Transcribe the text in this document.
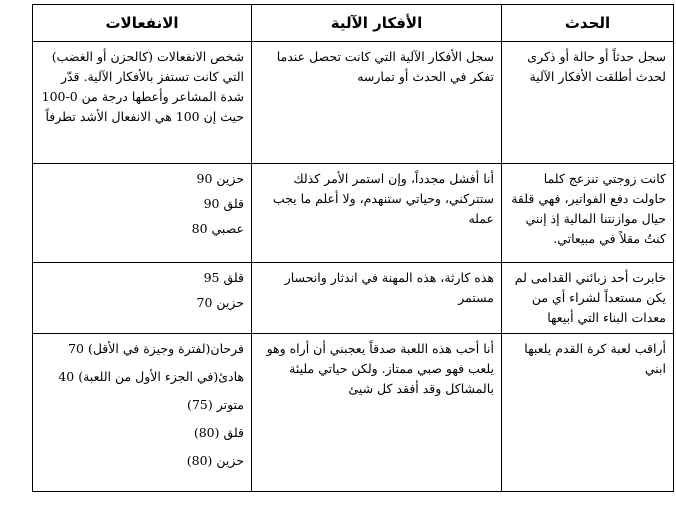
الحدث	الأفكار الآلية	الانفعالات
سجل حدثاً أو حالة أو ذكرى لحدث أطلقت الأفكار الآلية	سجل الأفكار الآلية التي كانت تحصل عندما تفكر في الحدث أو تمارسه	شخص الانفعالات (كالحزن أو الغضب) التي كانت تستفز بالأفكار الآلية. قدّر شدة المشاعر وأعطها درجة من 0-100 حيث إن 100 هي الانفعال الأشد تطرفاً
كانت زوجتي تنزعج كلما حاولت دفع الفواتير، فهي قلقة حيال موازنتنا المالية إذ إنني كنتُ مقلاً في مبيعاتي.	أنا أفشل مجدداً، وإن استمر الأمر كذلك ستتركني، وحياتي ستنهدم، ولا أعلم ما يجب عمله	حزين 90
قلق 90
عصبي 80

خابرت أحد زبائني القدامى لم يكن مستعداً لشراء أي من معدات البناء التي أبيعها	هذه كارثة، هذه المهنة في اندثار وانحسار مستمر	قلق 95
حزين 70

أراقب لعبة كرة القدم يلعبها ابني	أنا أحب هذه اللعبة صدقاً يعجبني أن أراه وهو يلعب فهو صبي ممتاز. ولكن حياتي مليئة بالمشاكل وقد أفقد كل شيئ	فرحان(لفترة وجيزة في الأقل) 70
هادئ(في الجزء الأول من اللعبة) 40
متوتر (75)
قلق (80)
حزين (80)
